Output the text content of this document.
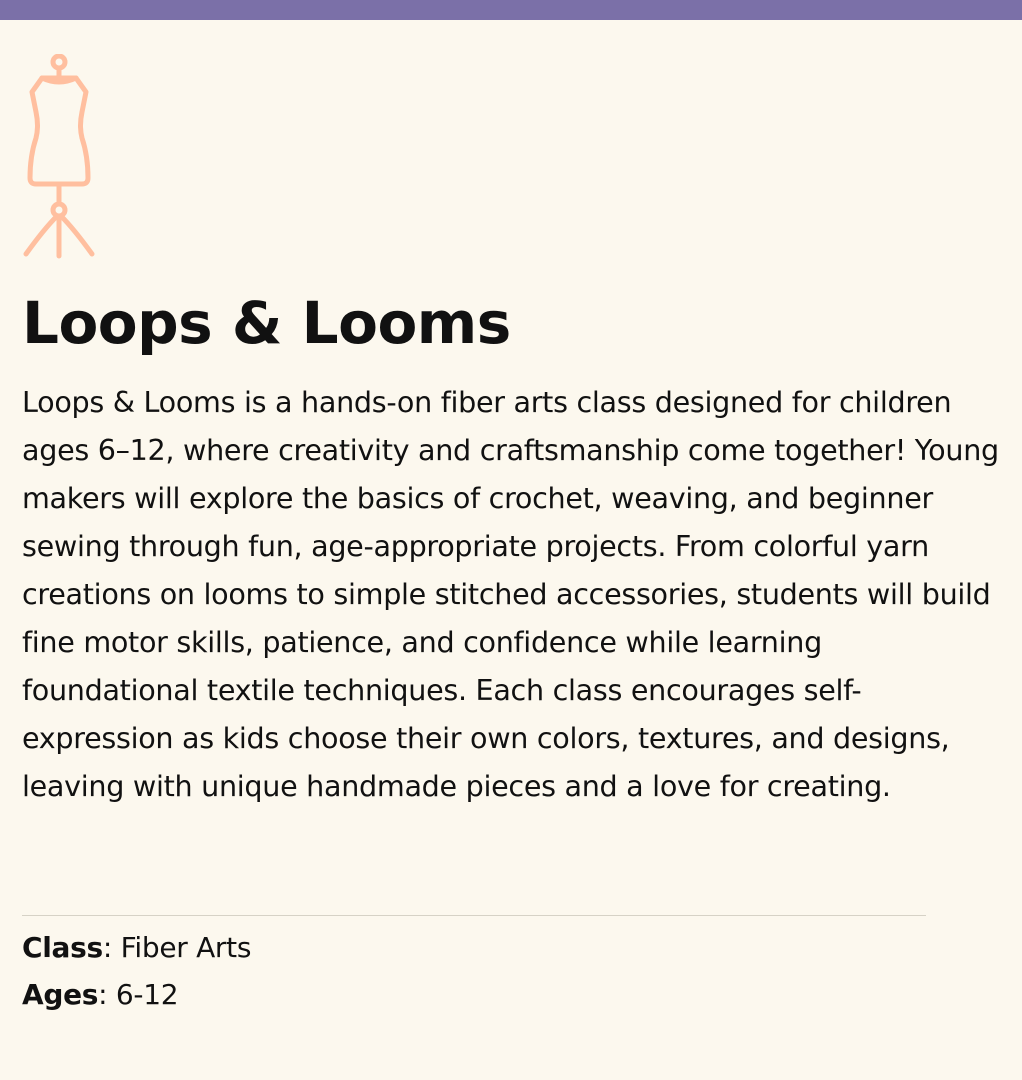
Loops & Looms

Loops & Looms is a hands-on fiber arts class designed for children ages 6–12, where creativity and craftsmanship come together! Young makers will explore the basics of crochet, weaving, and beginner sewing through fun, age-appropriate projects. From colorful yarn creations on looms to simple stitched accessories, students will build fine motor skills, patience, and confidence while learning foundational textile techniques. Each class encourages self-expression as kids choose their own colors, textures, and designs, leaving with unique handmade pieces and a love for creating.

Class: Fiber Arts
Ages: 6-12
